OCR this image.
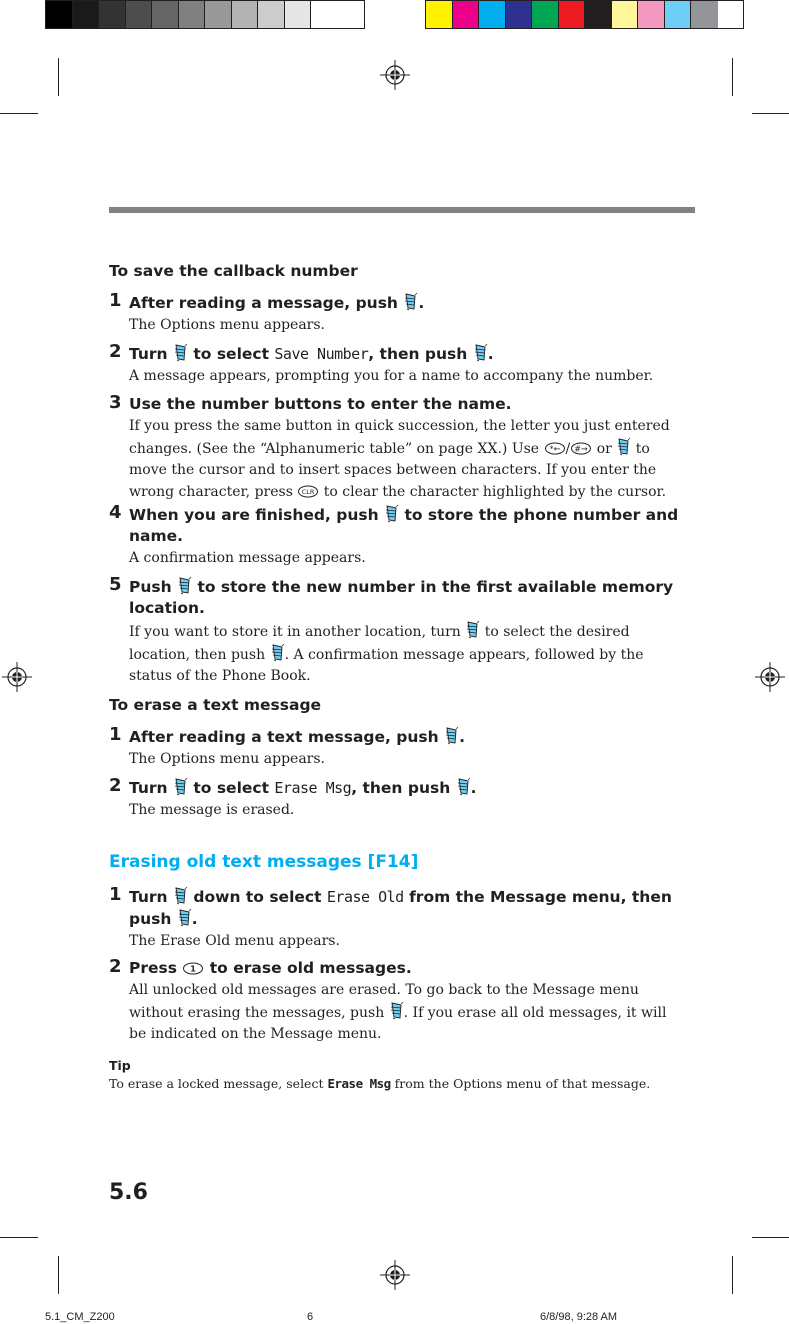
To save the callback number
1 After reading a message, push .
The Options menu appears.
2 Turn  to select Save Number, then push .
A message appears, prompting you for a name to accompany the number.
3 Use the number buttons to enter the name.
If you press the same button in quick succession, the letter you just entered changes. (See the “Alphanumeric table” on page XX.) Use *← / #→ or  to move the cursor and to insert spaces between characters. If you enter the wrong character, press CLR to clear the character highlighted by the cursor.
4 When you are finished, push  to store the phone number and name.
A confirmation message appears.
5 Push  to store the new number in the first available memory location.
If you want to store it in another location, turn  to select the desired location, then push . A confirmation message appears, followed by the status of the Phone Book.
To erase a text message
1 After reading a text message, push .
The Options menu appears.
2 Turn  to select Erase Msg, then push .
The message is erased.
Erasing old text messages [F14]
1 Turn  down to select Erase Old from the Message menu, then push .
The Erase Old menu appears.
2 Press 1 to erase old messages.
All unlocked old messages are erased. To go back to the Message menu without erasing the messages, push . If you erase all old messages, it will be indicated on the Message menu.
Tip
To erase a locked message, select Erase Msg from the Options menu of that message.
5.6
5.1_CM_Z200	6	6/8/98, 9:28 AM
